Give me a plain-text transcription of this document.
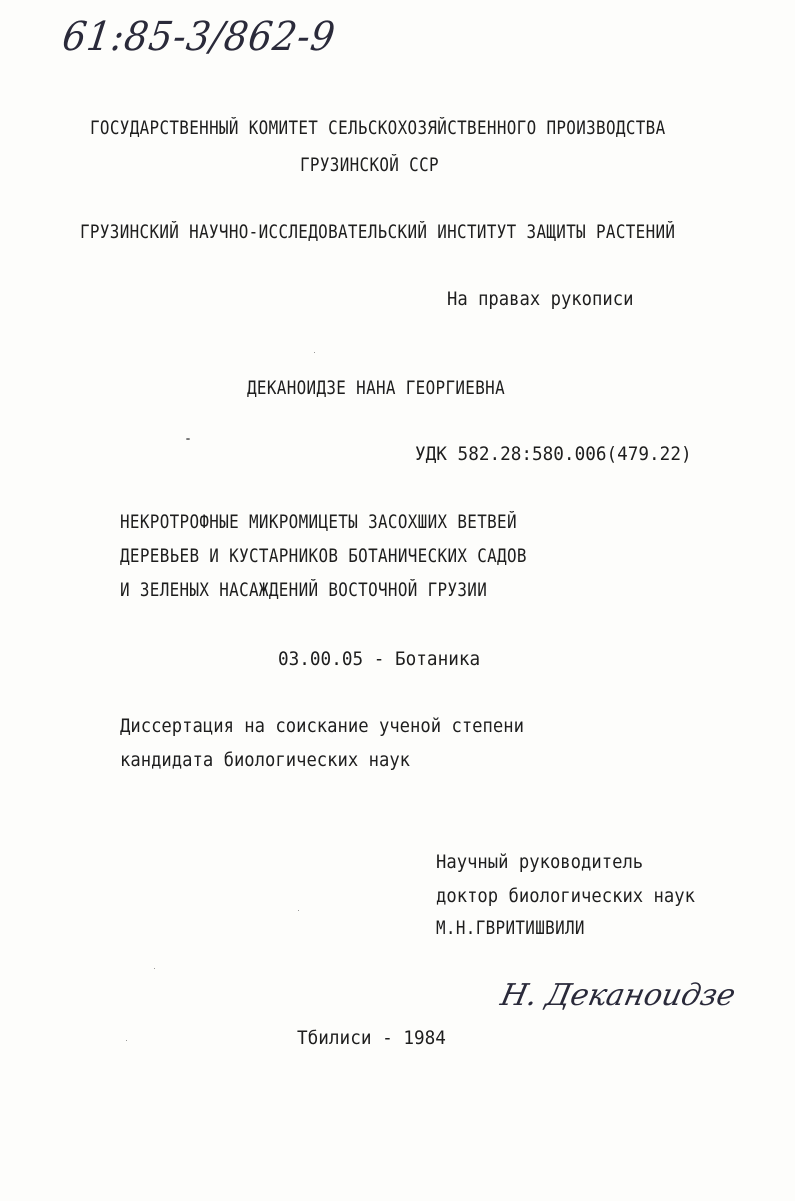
61:85-3/862-9
ГОСУДАРСТВЕННЫЙ КОМИТЕТ СЕЛЬСКОХОЗЯЙСТВЕННОГО ПРОИЗВОДСТВА
ГРУЗИНСКОЙ ССР
ГРУЗИНСКИЙ НАУЧНО-ИССЛЕДОВАТЕЛЬСКИЙ ИНСТИТУТ ЗАЩИТЫ РАСТЕНИЙ
На правах рукописи
ДЕКАНОИДЗЕ НАНА ГЕОРГИЕВНА
УДК 582.28:580.006(479.22)
НЕКРОТРОФНЫЕ МИКРОМИЦЕТЫ ЗАСОХШИХ ВЕТВЕЙ
ДЕРЕВЬЕВ И КУСТАРНИКОВ БОТАНИЧЕСКИХ САДОВ
И ЗЕЛЕНЫХ НАСАЖДЕНИЙ ВОСТОЧНОЙ ГРУЗИИ
03.00.05 - Ботаника
Диссертация на соискание ученой степени
кандидата биологических наук
Научный руководитель
доктор биологических наук
М.Н.ГВРИТИШВИЛИ
Н. Деканоидзе
Тбилиси - 1984
